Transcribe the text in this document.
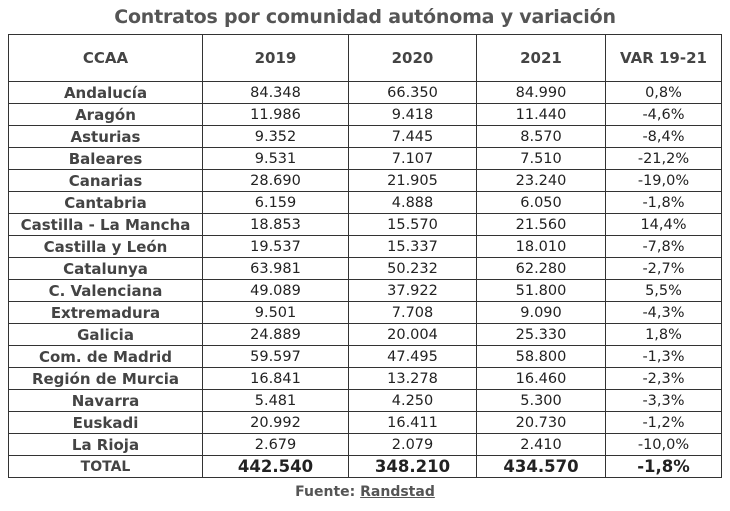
Contratos por comunidad autónoma y variación
CCAA	2019	2020	2021	VAR 19-21
Andalucía	84.348	66.350	84.990	0,8%
Aragón	11.986	9.418	11.440	-4,6%
Asturias	9.352	7.445	8.570	-8,4%
Baleares	9.531	7.107	7.510	-21,2%
Canarias	28.690	21.905	23.240	-19,0%
Cantabria	6.159	4.888	6.050	-1,8%
Castilla - La Mancha	18.853	15.570	21.560	14,4%
Castilla y León	19.537	15.337	18.010	-7,8%
Catalunya	63.981	50.232	62.280	-2,7%
C. Valenciana	49.089	37.922	51.800	5,5%
Extremadura	9.501	7.708	9.090	-4,3%
Galicia	24.889	20.004	25.330	1,8%
Com. de Madrid	59.597	47.495	58.800	-1,3%
Región de Murcia	16.841	13.278	16.460	-2,3%
Navarra	5.481	4.250	5.300	-3,3%
Euskadi	20.992	16.411	20.730	-1,2%
La Rioja	2.679	2.079	2.410	-10,0%
TOTAL	442.540	348.210	434.570	-1,8%
Fuente: Randstad
